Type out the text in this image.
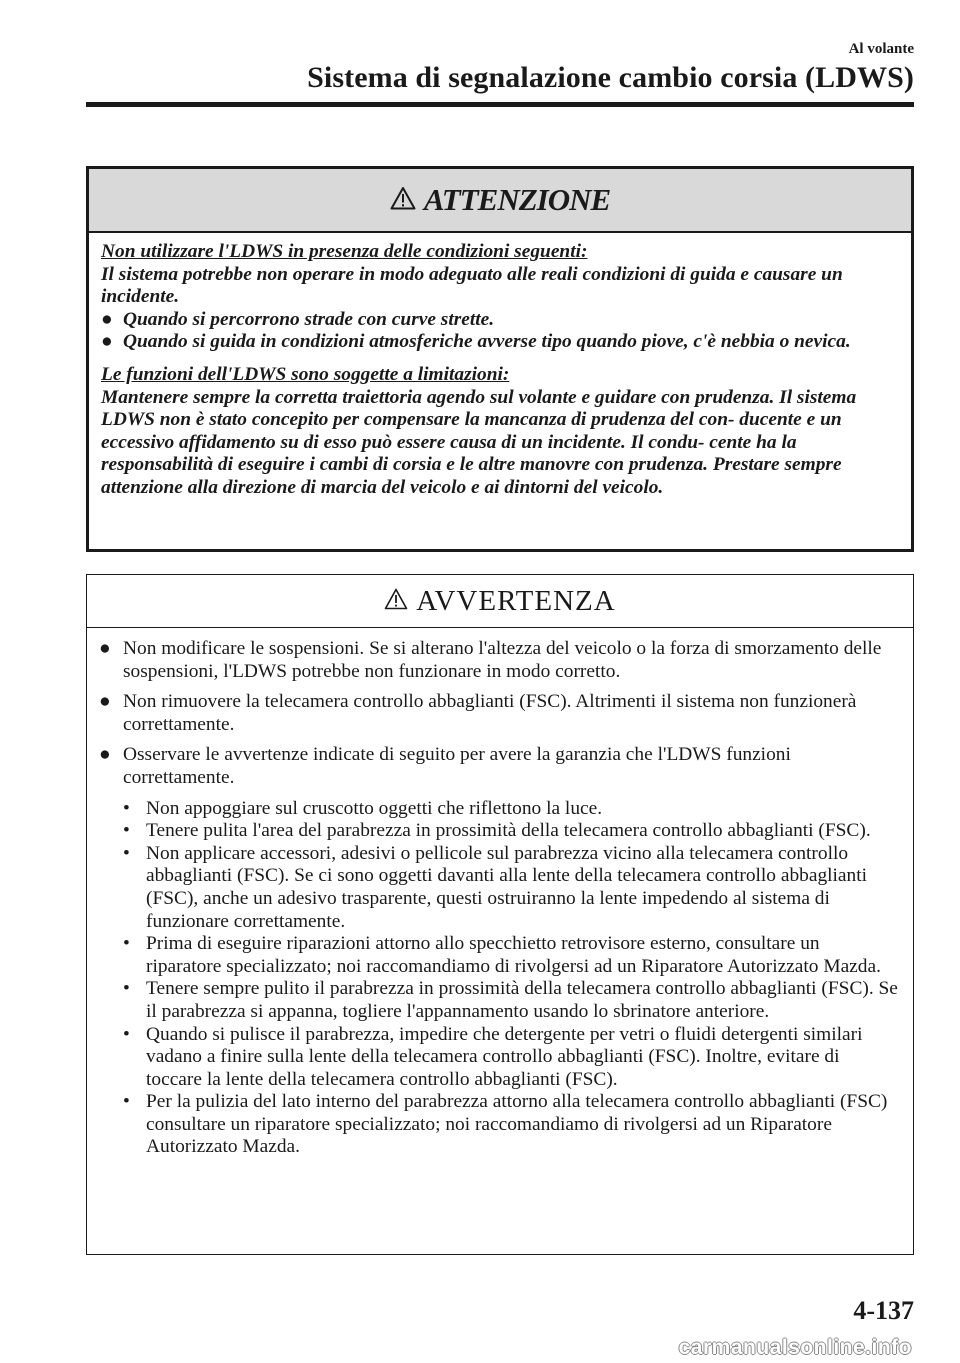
Al volante
Sistema di segnalazione cambio corsia (LDWS)
ATTENZIONE
Non utilizzare l'LDWS in presenza delle condizioni seguenti:
Il sistema potrebbe non operare in modo adeguato alle reali condizioni di guida e causare un incidente.
● Quando si percorrono strade con curve strette.
● Quando si guida in condizioni atmosferiche avverse tipo quando piove, c'è nebbia o nevica.
Le funzioni dell'LDWS sono soggette a limitazioni:
Mantenere sempre la corretta traiettoria agendo sul volante e guidare con prudenza. Il sistema LDWS non è stato concepito per compensare la mancanza di prudenza del con- ducente e un eccessivo affidamento su di esso può essere causa di un incidente. Il condu- cente ha la responsabilità di eseguire i cambi di corsia e le altre manovre con prudenza. Prestare sempre attenzione alla direzione di marcia del veicolo e ai dintorni del veicolo.
AVVERTENZA
● Non modificare le sospensioni. Se si alterano l'altezza del veicolo o la forza di smorzamento delle sospensioni, l'LDWS potrebbe non funzionare in modo corretto.
● Non rimuovere la telecamera controllo abbaglianti (FSC). Altrimenti il sistema non funzionerà correttamente.
● Osservare le avvertenze indicate di seguito per avere la garanzia che l'LDWS funzioni correttamente.
• Non appoggiare sul cruscotto oggetti che riflettono la luce.
• Tenere pulita l'area del parabrezza in prossimità della telecamera controllo abbaglianti (FSC).
• Non applicare accessori, adesivi o pellicole sul parabrezza vicino alla telecamera controllo abbaglianti (FSC). Se ci sono oggetti davanti alla lente della telecamera controllo abbaglianti (FSC), anche un adesivo trasparente, questi ostruiranno la lente impedendo al sistema di funzionare correttamente.
• Prima di eseguire riparazioni attorno allo specchietto retrovisore esterno, consultare un riparatore specializzato; noi raccomandiamo di rivolgersi ad un Riparatore Autorizzato Mazda.
• Tenere sempre pulito il parabrezza in prossimità della telecamera controllo abbaglianti (FSC). Se il parabrezza si appanna, togliere l'appannamento usando lo sbrinatore anteriore.
• Quando si pulisce il parabrezza, impedire che detergente per vetri o fluidi detergenti similari vadano a finire sulla lente della telecamera controllo abbaglianti (FSC). Inoltre, evitare di toccare la lente della telecamera controllo abbaglianti (FSC).
• Per la pulizia del lato interno del parabrezza attorno alla telecamera controllo abbaglianti (FSC) consultare un riparatore specializzato; noi raccomandiamo di rivolgersi ad un Riparatore Autorizzato Mazda.
4-137
carmanualsonline.info
